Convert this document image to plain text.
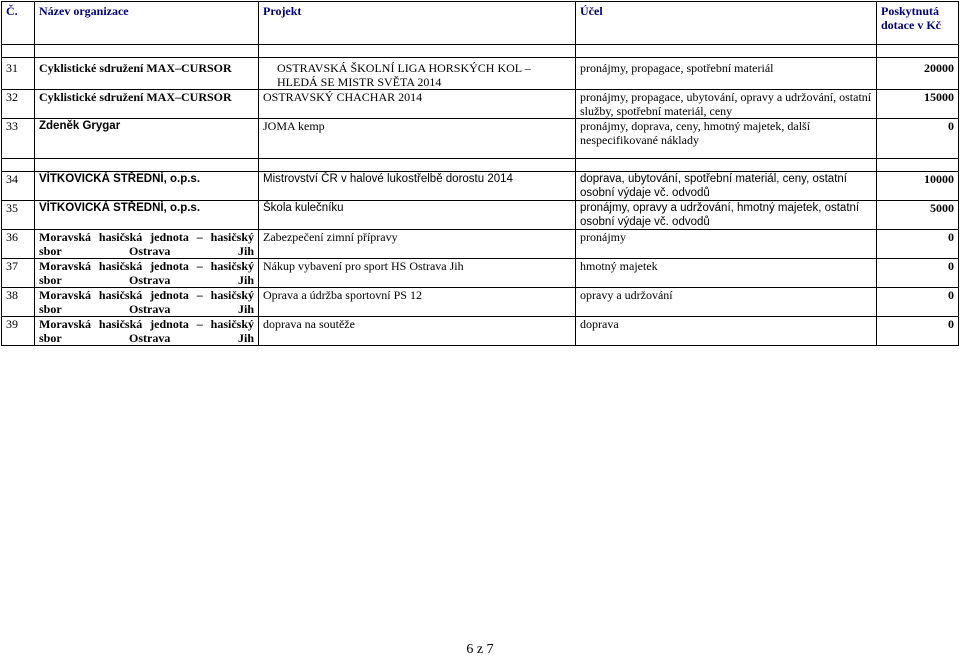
Č.	Název organizace	Projekt	Účel	Poskytnutá
dotace v Kč

31	Cyklistické sdružení MAX–CURSOR	OSTRAVSKÁ ŠKOLNÍ LIGA HORSKÝCH KOL – HLEDÁ SE MISTR SVĚTA 2014	pronájmy, propagace, spotřební materiál	20000
32	Cyklistické sdružení MAX–CURSOR	OSTRAVSKÝ CHACHAR 2014	pronájmy, propagace, ubytování, opravy a udržování, ostatní služby, spotřební materiál, ceny	15000
33	Zdeněk Grygar	JOMA kemp	pronájmy, doprava, ceny, hmotný majetek, další nespecifikované náklady	0

34	VÍTKOVICKÁ STŘEDNÍ, o.p.s.	Mistrovství ČR v halové lukostřelbě dorostu 2014	doprava, ubytování, spotřební materiál, ceny, ostatní osobní výdaje vč. odvodů	10000
35	VÍTKOVICKÁ STŘEDNÍ, o.p.s.	Škola kulečníku	pronájmy, opravy a udržování, hmotný majetek, ostatní osobní výdaje vč. odvodů	5000
36	Moravská hasičská jednota – hasičský sbor Ostrava Jih	Zabezpečení zimní přípravy	pronájmy	0
37	Moravská hasičská jednota – hasičský sbor Ostrava Jih	Nákup vybavení pro sport HS Ostrava Jih	hmotný majetek	0
38	Moravská hasičská jednota – hasičský sbor Ostrava Jih	Oprava a údržba sportovní PS 12	opravy a udržování	0
39	Moravská hasičská jednota – hasičský sbor Ostrava Jih	doprava na soutěže	doprava	0
6 z 7
